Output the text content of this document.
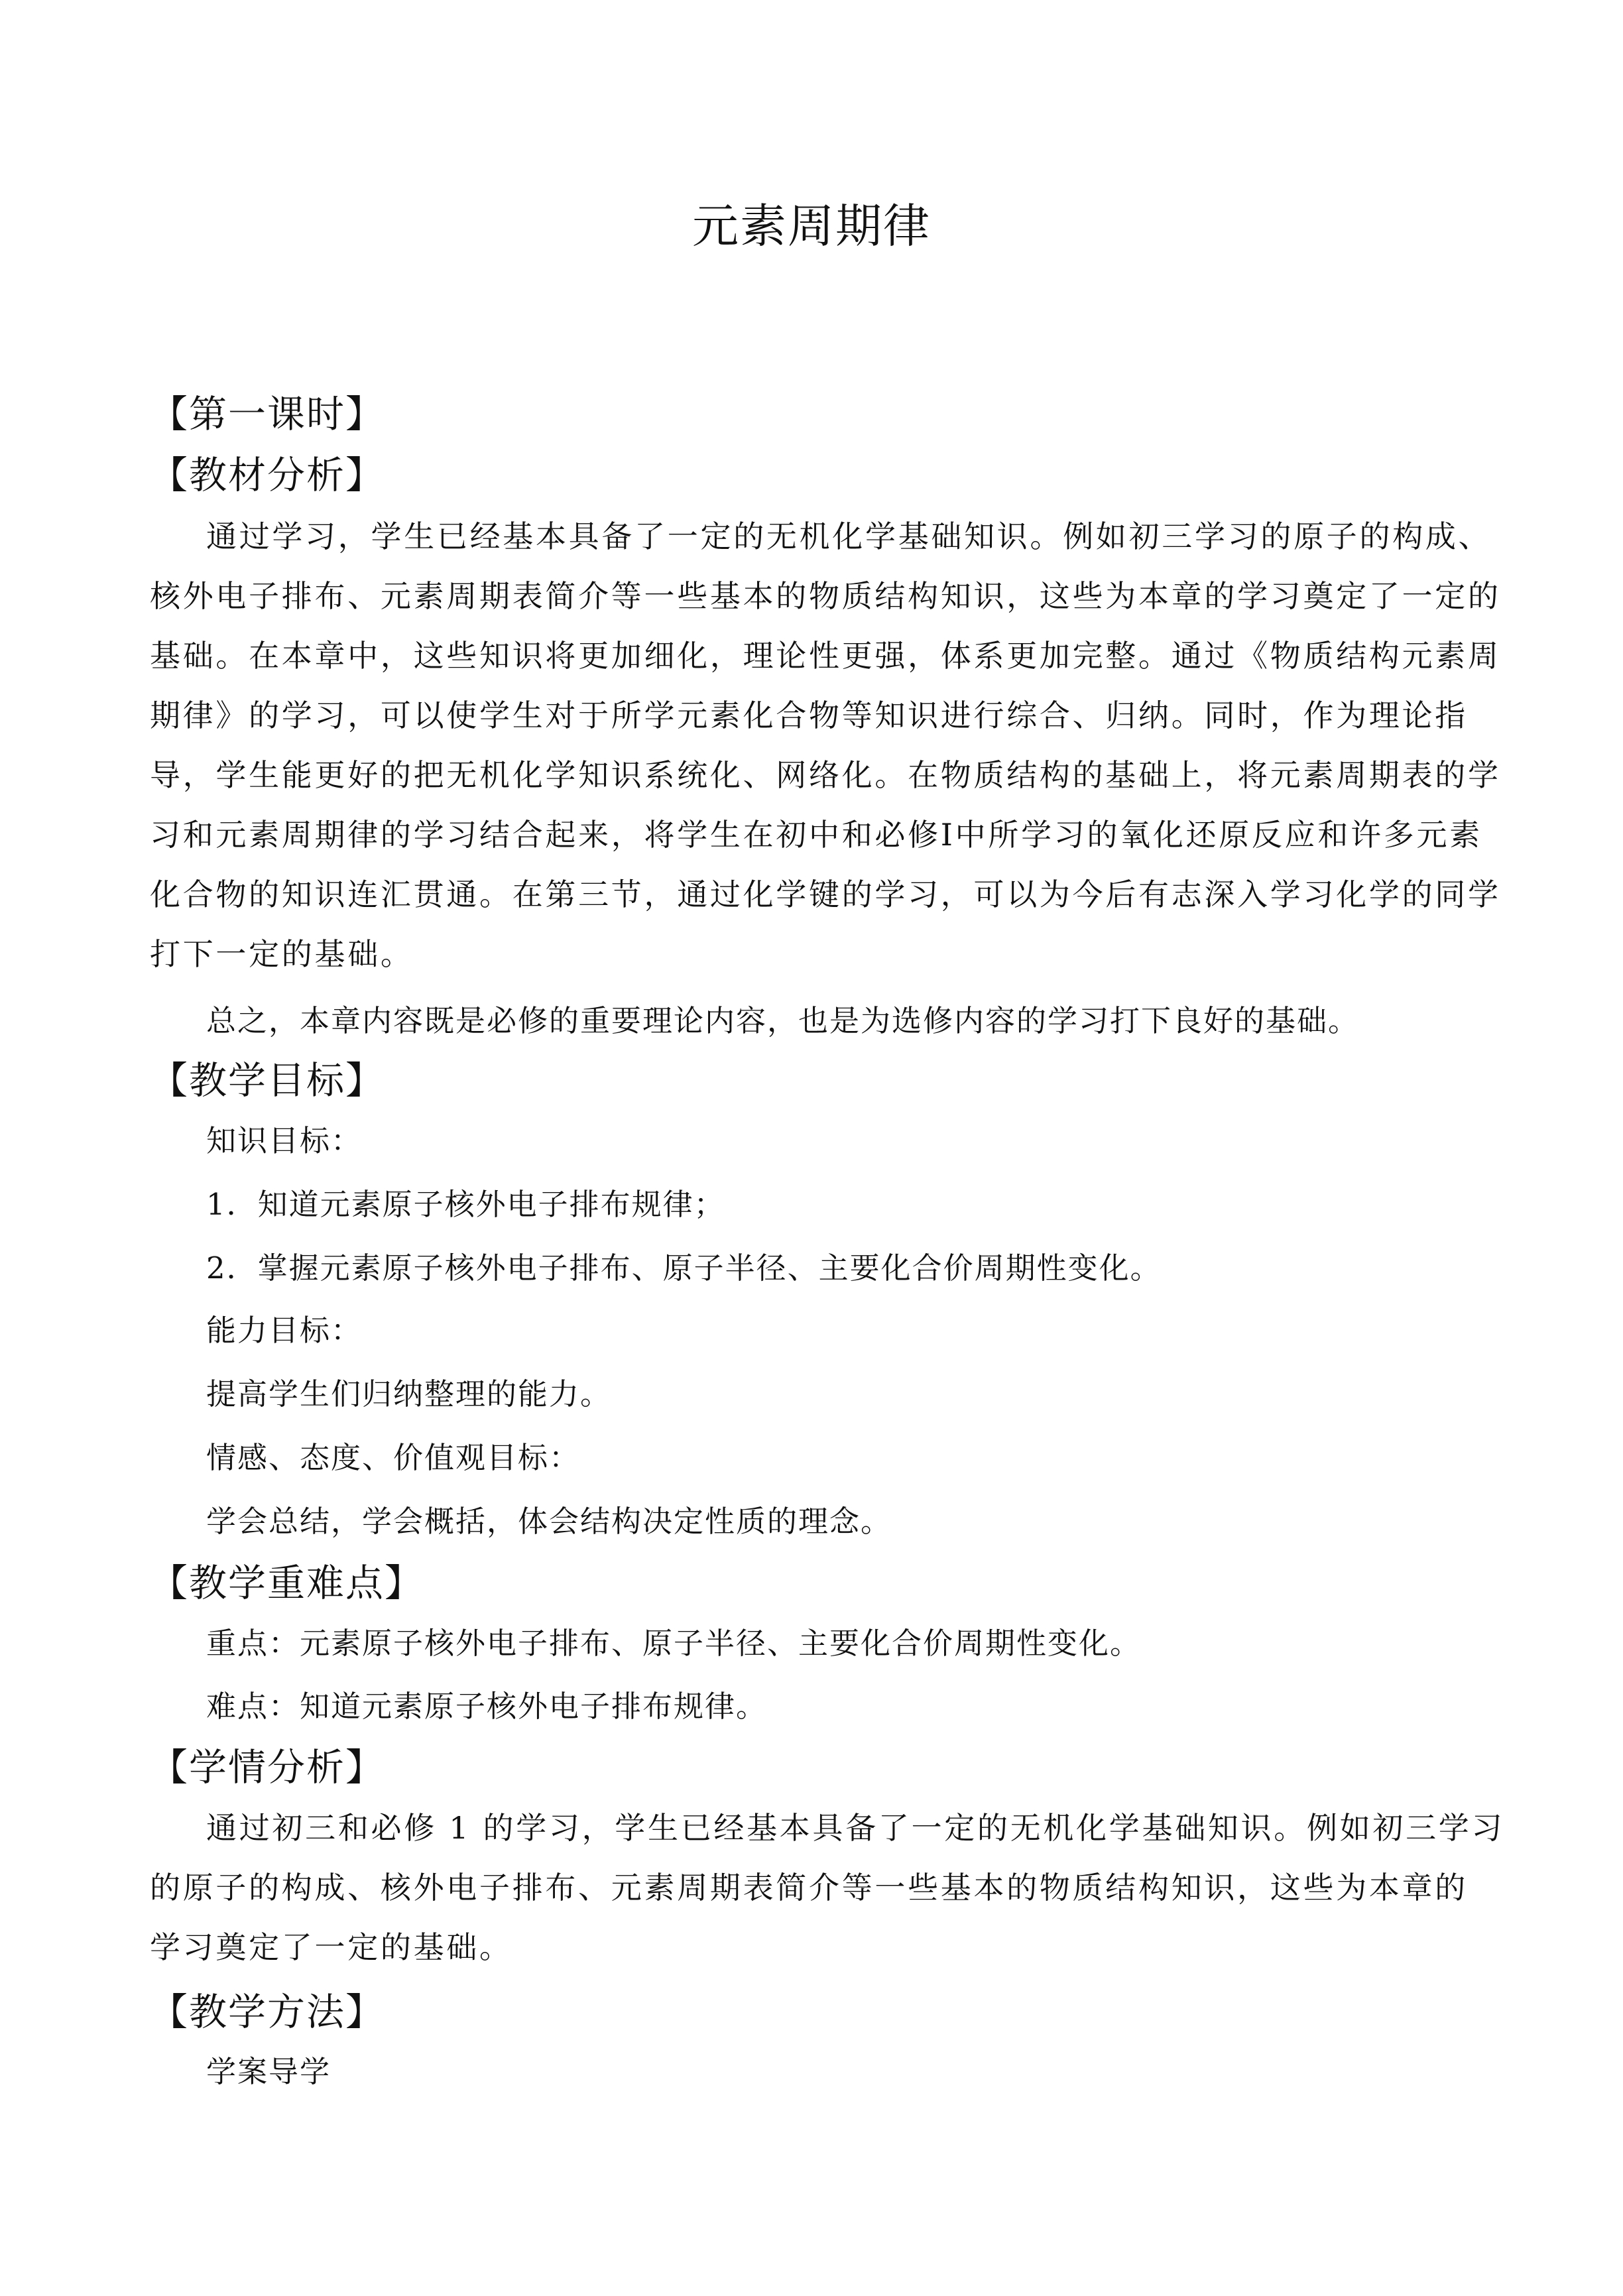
元素周期律
【第一课时】
【教材分析】
通过学习，学生已经基本具备了一定的无机化学基础知识。例如初三学习的原子的构成、
核外电子排布、元素周期表简介等一些基本的物质结构知识，这些为本章的学习奠定了一定的
基础。在本章中，这些知识将更加细化，理论性更强，体系更加完整。通过《物质结构元素周
期律》的学习，可以使学生对于所学元素化合物等知识进行综合、归纳。同时，作为理论指
导，学生能更好的把无机化学知识系统化、网络化。在物质结构的基础上，将元素周期表的学
习和元素周期律的学习结合起来，将学生在初中和必修Ⅰ中所学习的氧化还原反应和许多元素
化合物的知识连汇贯通。在第三节，通过化学键的学习，可以为今后有志深入学习化学的同学
打下一定的基础。
总之，本章内容既是必修的重要理论内容，也是为选修内容的学习打下良好的基础。
【教学目标】
知识目标：
1．知道元素原子核外电子排布规律；
2．掌握元素原子核外电子排布、原子半径、主要化合价周期性变化。
能力目标：
提高学生们归纳整理的能力。
情感、态度、价值观目标：
学会总结，学会概括，体会结构决定性质的理念。
【教学重难点】
重点：元素原子核外电子排布、原子半径、主要化合价周期性变化。
难点：知道元素原子核外电子排布规律。
【学情分析】
通过初三和必修 1 的学习，学生已经基本具备了一定的无机化学基础知识。例如初三学习
的原子的构成、核外电子排布、元素周期表简介等一些基本的物质结构知识，这些为本章的
学习奠定了一定的基础。
【教学方法】
学案导学
